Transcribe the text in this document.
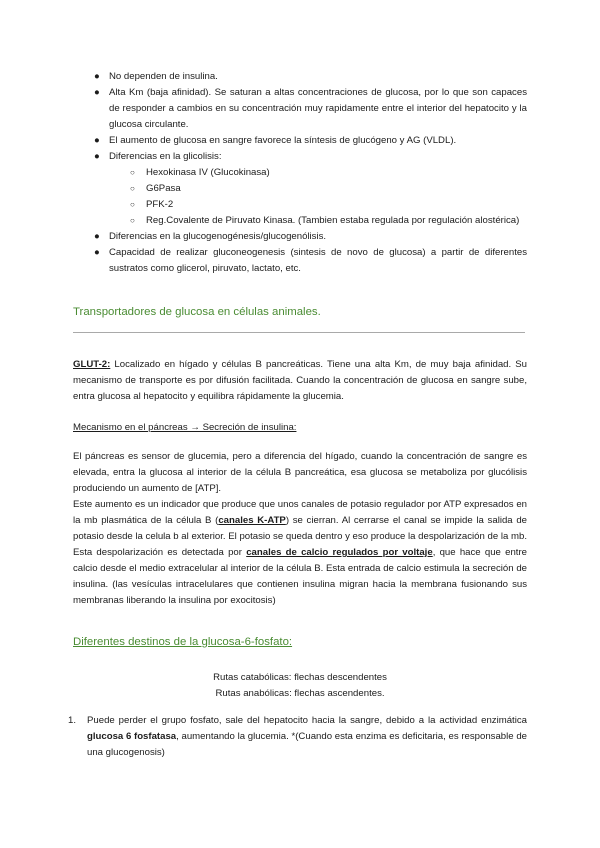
● No dependen de insulina.
● Alta Km (baja afinidad). Se saturan a altas concentraciones de glucosa, por lo que son capaces de responder a cambios en su concentración muy rapidamente entre el interior del hepatocito y la glucosa circulante.
● El aumento de glucosa en sangre favorece la síntesis de glucógeno y AG (VLDL).
● Diferencias en la glicolisis:
○ Hexokinasa IV (Glucokinasa)
○ G6Pasa
○ PFK-2
○ Reg.Covalente de Piruvato Kinasa. (Tambien estaba regulada por regulación alostérica)
● Diferencias en la glucogenogénesis/glucogenólisis.
● Capacidad de realizar gluconeogenesis (sintesis de novo de glucosa) a partir de diferentes sustratos como glicerol, piruvato, lactato, etc.
Transportadores de glucosa en células animales.
GLUT-2: Localizado en hígado y células B pancreáticas. Tiene una alta Km, de muy baja afinidad. Su mecanismo de transporte es por difusión facilitada. Cuando la concentración de glucosa en sangre sube, entra glucosa al hepatocito y equilibra rápidamente la glucemia.
Mecanismo en el páncreas → Secreción de insulina:
El páncreas es sensor de glucemia, pero a diferencia del hígado, cuando la concentración de sangre es elevada, entra la glucosa al interior de la célula B pancreática, esa glucosa se metaboliza por glucólisis produciendo un aumento de [ATP].
Este aumento es un indicador que produce que unos canales de potasio regulador por ATP expresados en la mb plasmática de la célula B (canales K-ATP) se cierran. Al cerrarse el canal se impide la salida de potasio desde la celula b al exterior. El potasio se queda dentro y eso produce la despolarización de la mb. Esta despolarización es detectada por canales de calcio regulados por voltaje, que hace que entre calcio desde el medio extracelular al interior de la célula B. Esta entrada de calcio estimula la secreción de insulina. (las vesículas intracelulares que contienen insulina migran hacia la membrana fusionando sus membranas liberando la insulina por exocitosis)
Diferentes destinos de la glucosa-6-fosfato:
Rutas catabólicas: flechas descendentes
Rutas anabólicas: flechas ascendentes.
1. Puede perder el grupo fosfato, sale del hepatocito hacia la sangre, debido a la actividad enzimática glucosa 6 fosfatasa, aumentando la glucemia. *(Cuando esta enzima es deficitaria, es responsable de una glucogenosis)
